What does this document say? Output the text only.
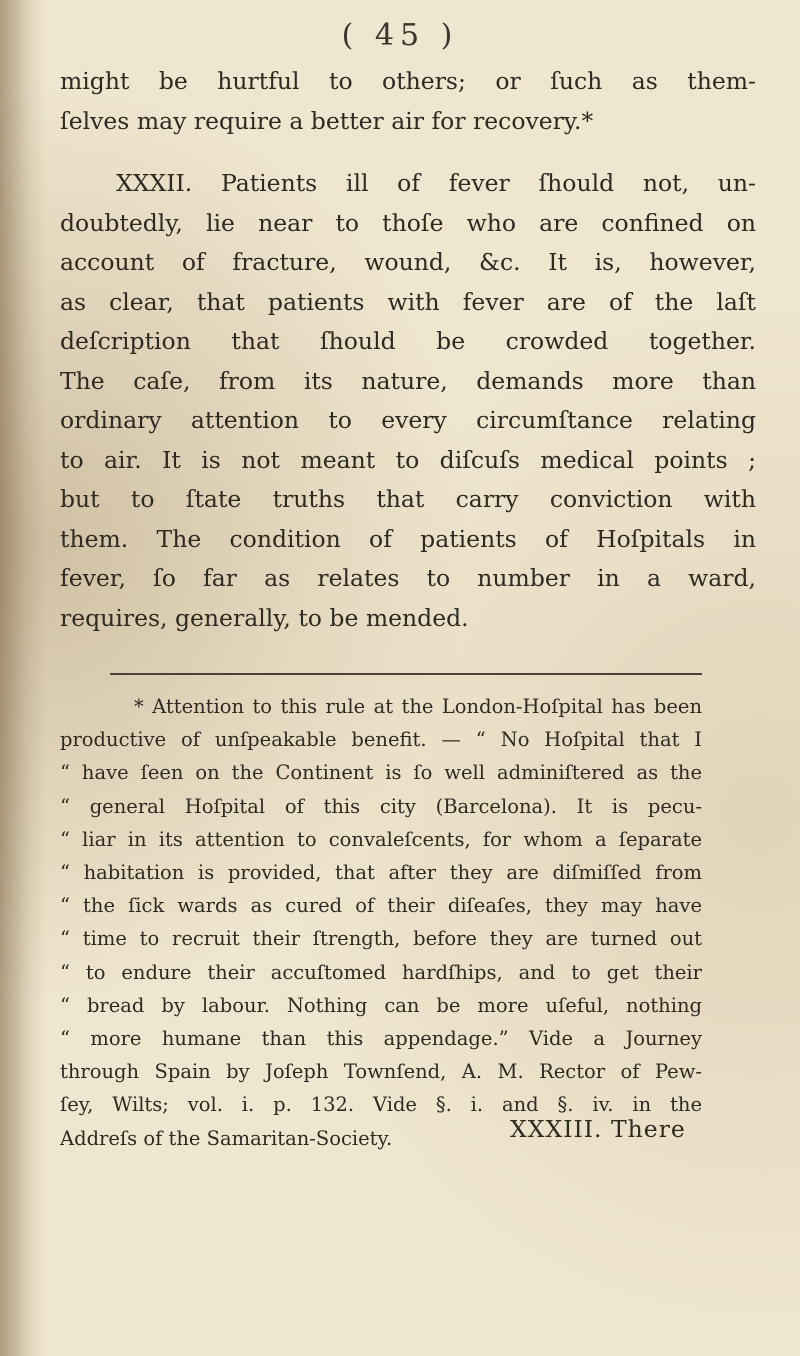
( 45 )
might be hurtful to others; or ſuch as them-
ſelves may require a better air for recovery.*
XXXII. Patients ill of fever ſhould not, un-
doubtedly, lie near to thoſe who are confined on
account of fracture, wound, &c. It is, however,
as clear, that patients with fever are of the laſt
deſcription that ſhould be crowded together.
The caſe, from its nature, demands more than
ordinary attention to every circumſtance relating
to air. It is not meant to diſcuſs medical points ;
but to ſtate truths that carry conviction with
them. The condition of patients of Hoſpitals in
fever, ſo far as relates to number in a ward,
requires, generally, to be mended.
* Attention to this rule at the London-Hoſpital has been
productive of unſpeakable benefit. — “ No Hoſpital that I
“ have ſeen on the Continent is ſo well adminiſtered as the
“ general Hoſpital of this city (Barcelona). It is pecu-
“ liar in its attention to convaleſcents, for whom a ſeparate
“ habitation is provided, that after they are diſmiſſed from
“ the ſick wards as cured of their diſeaſes, they may have
“ time to recruit their ſtrength, before they are turned out
“ to endure their accuſtomed hardſhips, and to get their
“ bread by labour. Nothing can be more uſeful, nothing
“ more humane than this appendage.” Vide a Journey
through Spain by Joſeph Townſend, A. M. Rector of Pew-
ſey, Wilts; vol. i. p. 132. Vide §. i. and §. iv. in the
Addreſs of the Samaritan-Society.	XXXIII. There
